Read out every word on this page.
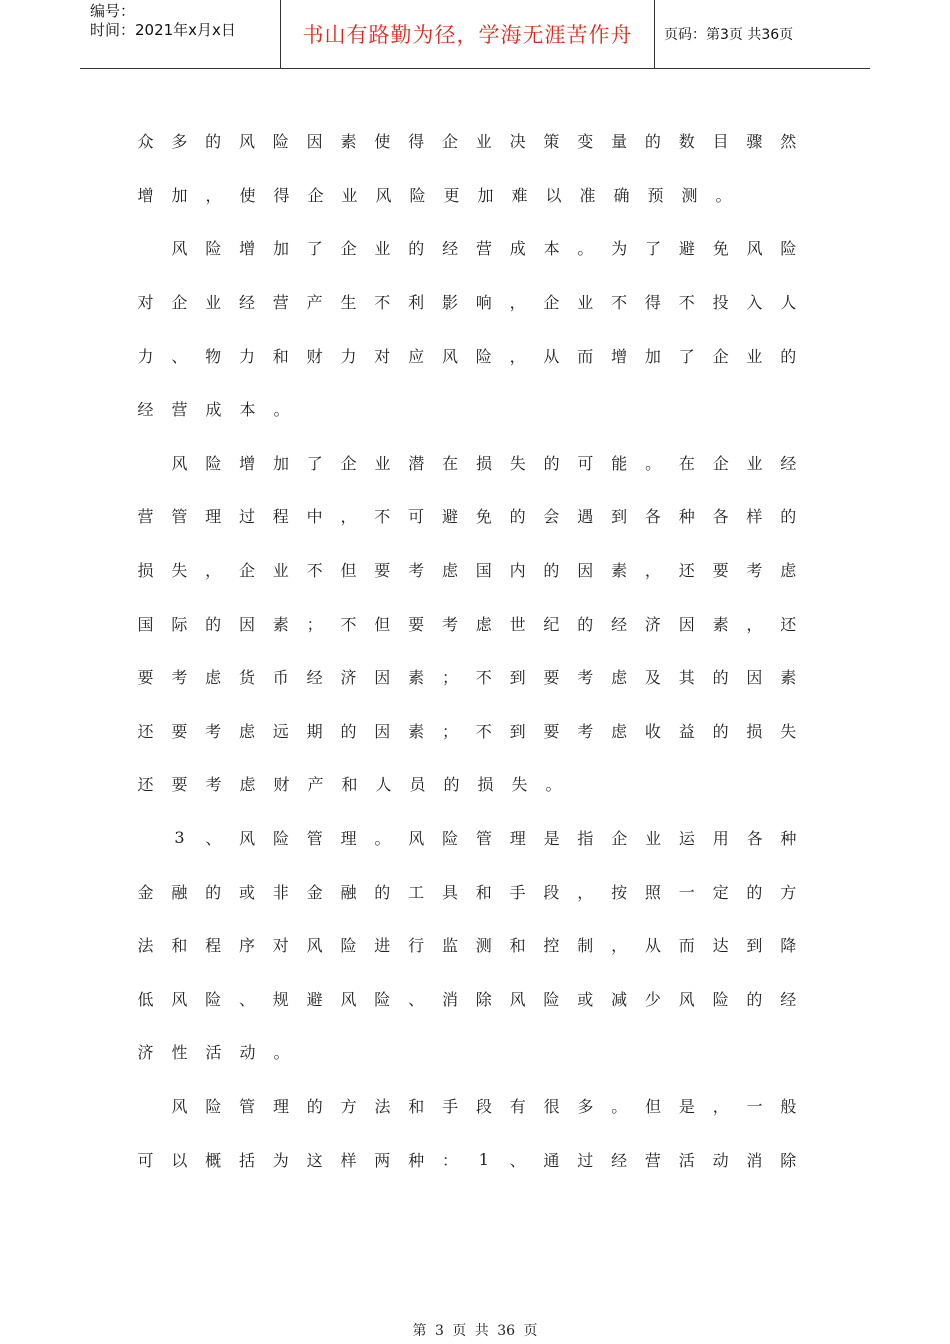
编号：
时间：2021年x月x日	书山有路勤为径，学海无涯苦作舟	页码：第3页 共36页
众 多 的 风 险 因 素 使 得 企 业 决 策 变 量 的 数 目 骤 然
增 加 ， 使 得 企 业 风 险 更 加 难 以 准 确 预 测 。
风 险 增 加 了 企 业 的 经 营 成 本 。 为 了 避 免 风 险
对 企 业 经 营 产 生 不 利 影 响 ， 企 业 不 得 不 投 入 人
力 、 物 力 和 财 力 对 应 风 险 ， 从 而 增 加 了 企 业 的
经 营 成 本 。
风 险 增 加 了 企 业 潜 在 损 失 的 可 能 。 在 企 业 经
营 管 理 过 程 中 ， 不 可 避 免 的 会 遇 到 各 种 各 样 的
损 失 ， 企 业 不 但 要 考 虑 国 内 的 因 素 ， 还 要 考 虑
国 际 的 因 素 ； 不 但 要 考 虑 世 纪 的 经 济 因 素 ， 还
要 考 虑 货 币 经 济 因 素 ； 不 到 要 考 虑 及 其 的 因 素
还 要 考 虑 远 期 的 因 素 ； 不 到 要 考 虑 收 益 的 损 失
还 要 考 虑 财 产 和 人 员 的 损 失 。
3 、 风 险 管 理 。 风 险 管 理 是 指 企 业 运 用 各 种
金 融 的 或 非 金 融 的 工 具 和 手 段 ， 按 照 一 定 的 方
法 和 程 序 对 风 险 进 行 监 测 和 控 制 ， 从 而 达 到 降
低 风 险 、 规 避 风 险 、 消 除 风 险 或 减 少 风 险 的 经
济 性 活 动 。
风 险 管 理 的 方 法 和 手 段 有 很 多 。 但 是 ， 一 般
可 以 概 括 为 这 样 两 种 ： 1 、 通 过 经 营 活 动 消 除
第 3 页 共 36 页
